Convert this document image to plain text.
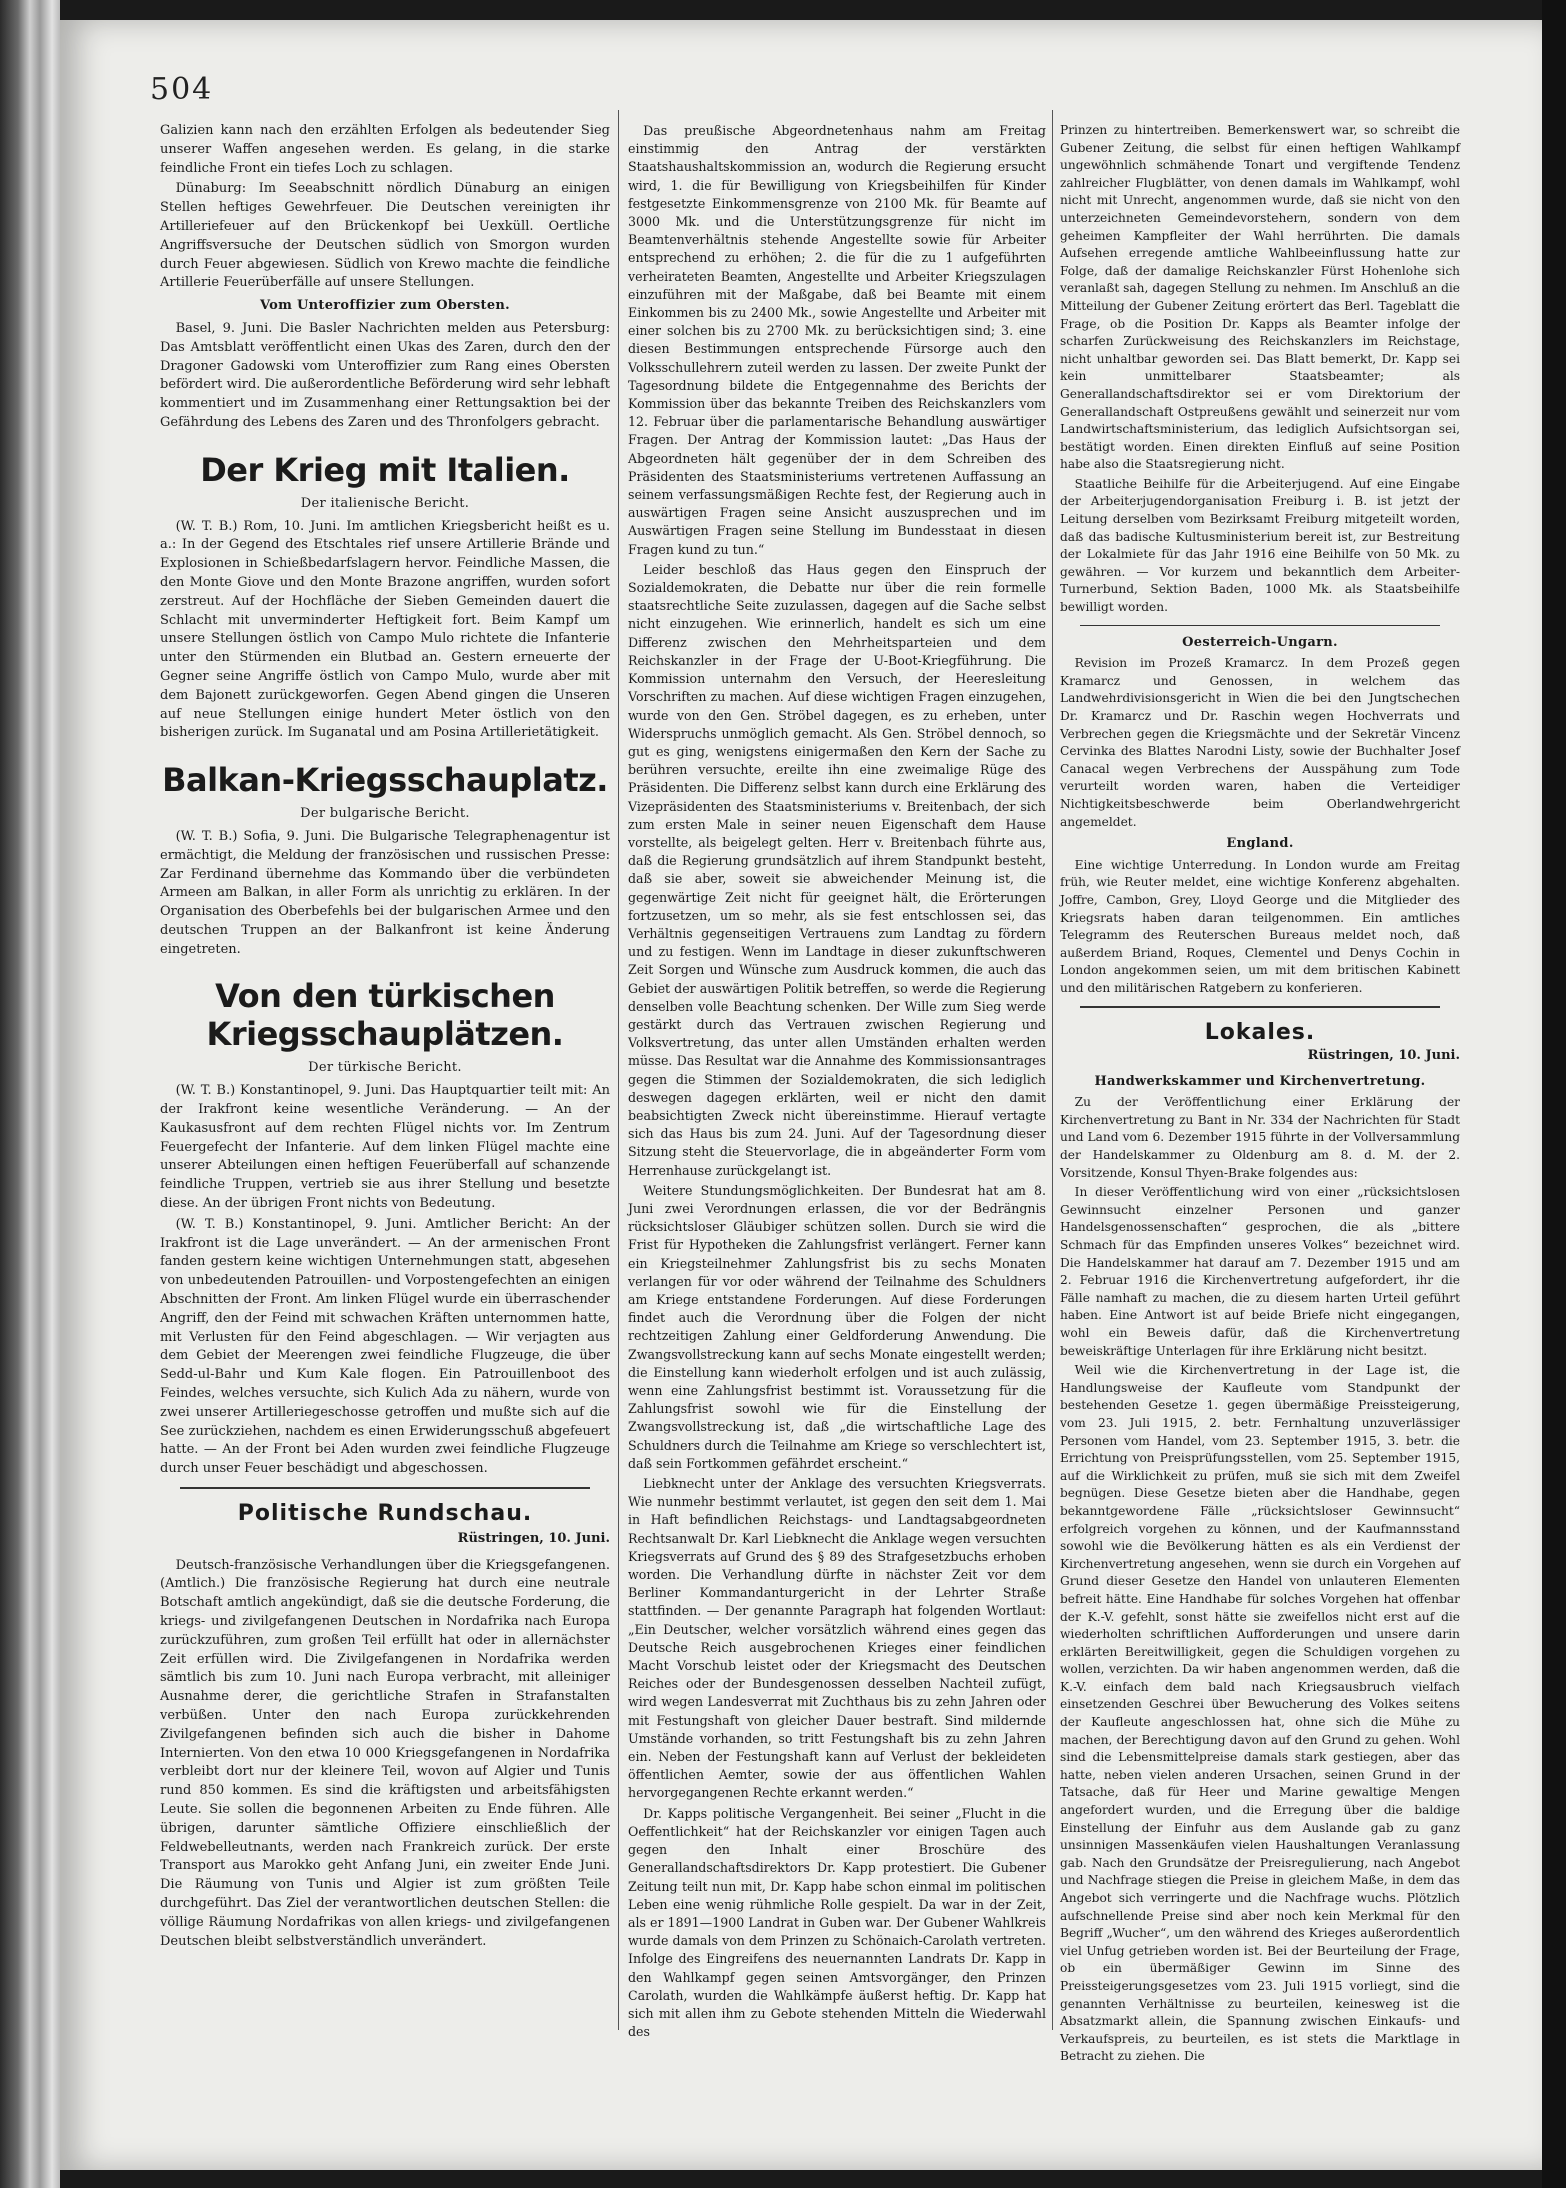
504

Galizien kann nach den erzählten Erfolgen als bedeutender Sieg unserer Waffen angesehen werden. Es gelang, in die starke feindliche Front ein tiefes Loch zu schlagen.

Dünaburg: Im Seeabschnitt nördlich Dünaburg an einigen Stellen heftiges Gewehrfeuer. Die Deutschen vereinigten ihr Artilleriefeuer auf den Brückenkopf bei Uexküll. Oertliche Angriffsversuche der Deutschen südlich von Smorgon wurden durch Feuer abgewiesen. Südlich von Krewo machte die feindliche Artillerie Feuerüberfälle auf unsere Stellungen.

Vom Unteroffizier zum Obersten.

Basel, 9. Juni. Die Basler Nachrichten melden aus Petersburg: Das Amtsblatt veröffentlicht einen Ukas des Zaren, durch den der Dragoner Gadowski vom Unteroffizier zum Rang eines Obersten befördert wird. Die außerordentliche Beförderung wird sehr lebhaft kommentiert und im Zusammenhang einer Rettungsaktion bei der Gefährdung des Lebens des Zaren und des Thronfolgers gebracht.

Der Krieg mit Italien.
Der italienische Bericht.

(W. T. B.) Rom, 10. Juni. Im amtlichen Kriegsbericht heißt es u. a.: In der Gegend des Etschtales rief unsere Artillerie Brände und Explosionen in Schießbedarfslagern hervor. Feindliche Massen, die den Monte Giove und den Monte Brazone angriffen, wurden sofort zerstreut. Auf der Hochfläche der Sieben Gemeinden dauert die Schlacht mit unverminderter Heftigkeit fort. Beim Kampf um unsere Stellungen östlich von Campo Mulo richtete die Infanterie unter den Stürmenden ein Blutbad an. Gestern erneuerte der Gegner seine Angriffe östlich von Campo Mulo, wurde aber mit dem Bajonett zurückgeworfen. Gegen Abend gingen die Unseren auf neue Stellungen einige hundert Meter östlich von den bisherigen zurück. Im Suganatal und am Posina Artillerietätigkeit.

Balkan-Kriegsschauplatz.
Der bulgarische Bericht.

(W. T. B.) Sofia, 9. Juni. Die Bulgarische Telegraphenagentur ist ermächtigt, die Meldung der französischen und russischen Presse: Zar Ferdinand übernehme das Kommando über die verbündeten Armeen am Balkan, in aller Form als unrichtig zu erklären. In der Organisation des Oberbefehls bei der bulgarischen Armee und den deutschen Truppen an der Balkanfront ist keine Änderung eingetreten.

Von den türkischen Kriegsschauplätzen.
Der türkische Bericht.

(W. T. B.) Konstantinopel, 9. Juni. Das Hauptquartier teilt mit: An der Irakfront keine wesentliche Veränderung. — An der Kaukasusfront auf dem rechten Flügel nichts vor. Im Zentrum Feuergefecht der Infanterie. Auf dem linken Flügel machte eine unserer Abteilungen einen heftigen Feuerüberfall auf schanzende feindliche Truppen, vertrieb sie aus ihrer Stellung und besetzte diese. An der übrigen Front nichts von Bedeutung.

(W. T. B.) Konstantinopel, 9. Juni. Amtlicher Bericht: An der Irakfront ist die Lage unverändert. — An der armenischen Front fanden gestern keine wichtigen Unternehmungen statt, abgesehen von unbedeutenden Patrouillen- und Vorpostengefechten an einigen Abschnitten der Front. Am linken Flügel wurde ein überraschender Angriff, den der Feind mit schwachen Kräften unternommen hatte, mit Verlusten für den Feind abgeschlagen. — Wir verjagten aus dem Gebiet der Meerengen zwei feindliche Flugzeuge, die über Sedd-ul-Bahr und Kum Kale flogen. Ein Patrouillenboot des Feindes, welches versuchte, sich Kulich Ada zu nähern, wurde von zwei unserer Artilleriegeschosse getroffen und mußte sich auf die See zurückziehen, nachdem es einen Erwiderungsschuß abgefeuert hatte. — An der Front bei Aden wurden zwei feindliche Flugzeuge durch unser Feuer beschädigt und abgeschossen.

Politische Rundschau.
Rüstringen, 10. Juni.

Deutsch-französische Verhandlungen über die Kriegsgefangenen. (Amtlich.) Die französische Regierung hat durch eine neutrale Botschaft amtlich angekündigt, daß sie die deutsche Forderung, die kriegs- und zivilgefangenen Deutschen in Nordafrika nach Europa zurückzuführen, zum großen Teil erfüllt hat oder in allernächster Zeit erfüllen wird. Die Zivilgefangenen in Nordafrika werden sämtlich bis zum 10. Juni nach Europa verbracht, mit alleiniger Ausnahme derer, die gerichtliche Strafen in Strafanstalten verbüßen. Unter den nach Europa zurückkehrenden Zivilgefangenen befinden sich auch die bisher in Dahome Internierten. Von den etwa 10 000 Kriegsgefangenen in Nordafrika verbleibt dort nur der kleinere Teil, wovon auf Algier und Tunis rund 850 kommen. Es sind die kräftigsten und arbeitsfähigsten Leute. Sie sollen die begonnenen Arbeiten zu Ende führen. Alle übrigen, darunter sämtliche Offiziere einschließlich der Feldwebelleutnants, werden nach Frankreich zurück. Der erste Transport aus Marokko geht Anfang Juni, ein zweiter Ende Juni. Die Räumung von Tunis und Algier ist zum größten Teile durchgeführt. Das Ziel der verantwortlichen deutschen Stellen: die völlige Räumung Nordafrikas von allen kriegs- und zivilgefangenen Deutschen bleibt selbstverständlich unverändert.

Das preußische Abgeordnetenhaus nahm am Freitag einstimmig den Antrag der verstärkten Staatshaushaltskommission an, wodurch die Regierung ersucht wird, 1. die für Bewilligung von Kriegsbeihilfen für Kinder festgesetzte Einkommensgrenze von 2100 Mk. für Beamte auf 3000 Mk. und die Unterstützungsgrenze für nicht im Beamtenverhältnis stehende Angestellte sowie für Arbeiter entsprechend zu erhöhen; 2. die für die zu 1 aufgeführten verheirateten Beamten, Angestellte und Arbeiter Kriegszulagen einzuführen mit der Maßgabe, daß bei Beamte mit einem Einkommen bis zu 2400 Mk., sowie Angestellte und Arbeiter mit einer solchen bis zu 2700 Mk. zu berücksichtigen sind; 3. eine diesen Bestimmungen entsprechende Fürsorge auch den Volksschullehrern zuteil werden zu lassen. Der zweite Punkt der Tagesordnung bildete die Entgegennahme des Berichts der Kommission über das bekannte Treiben des Reichskanzlers vom 12. Februar über die parlamentarische Behandlung auswärtiger Fragen. Der Antrag der Kommission lautet: „Das Haus der Abgeordneten hält gegenüber der in dem Schreiben des Präsidenten des Staatsministeriums vertretenen Auffassung an seinem verfassungsmäßigen Rechte fest, der Regierung auch in auswärtigen Fragen seine Ansicht auszusprechen und im Auswärtigen Fragen seine Stellung im Bundesstaat in diesen Fragen kund zu tun.“

Leider beschloß das Haus gegen den Einspruch der Sozialdemokraten, die Debatte nur über die rein formelle staatsrechtliche Seite zuzulassen, dagegen auf die Sache selbst nicht einzugehen. Wie erinnerlich, handelt es sich um eine Differenz zwischen den Mehrheitsparteien und dem Reichskanzler in der Frage der U-Boot-Kriegführung. Die Kommission unternahm den Versuch, der Heeresleitung Vorschriften zu machen. Auf diese wichtigen Fragen einzugehen, wurde von den Gen. Ströbel dagegen, es zu erheben, unter Widerspruchs unmöglich gemacht. Als Gen. Ströbel dennoch, so gut es ging, wenigstens einigermaßen den Kern der Sache zu berühren versuchte, ereilte ihn eine zweimalige Rüge des Präsidenten. Die Differenz selbst kann durch eine Erklärung des Vizepräsidenten des Staatsministeriums v. Breitenbach, der sich zum ersten Male in seiner neuen Eigenschaft dem Hause vorstellte, als beigelegt gelten. Herr v. Breitenbach führte aus, daß die Regierung grundsätzlich auf ihrem Standpunkt besteht, daß sie aber, soweit sie abweichender Meinung ist, die gegenwärtige Zeit nicht für geeignet hält, die Erörterungen fortzusetzen, um so mehr, als sie fest entschlossen sei, das Verhältnis gegenseitigen Vertrauens zum Landtag zu fördern und zu festigen. Wenn im Landtage in dieser zukunftschweren Zeit Sorgen und Wünsche zum Ausdruck kommen, die auch das Gebiet der auswärtigen Politik betreffen, so werde die Regierung denselben volle Beachtung schenken. Der Wille zum Sieg werde gestärkt durch das Vertrauen zwischen Regierung und Volksvertretung, das unter allen Umständen erhalten werden müsse. Das Resultat war die Annahme des Kommissionsantrages gegen die Stimmen der Sozialdemokraten, die sich lediglich deswegen dagegen erklärten, weil er nicht den damit beabsichtigten Zweck nicht übereinstimme. Hierauf vertagte sich das Haus bis zum 24. Juni. Auf der Tagesordnung dieser Sitzung steht die Steuervorlage, die in abgeänderter Form vom Herrenhause zurückgelangt ist.

Weitere Stundungsmöglichkeiten. Der Bundesrat hat am 8. Juni zwei Verordnungen erlassen, die vor der Bedrängnis rücksichtsloser Gläubiger schützen sollen. Durch sie wird die Frist für Hypotheken die Zahlungsfrist verlängert. Ferner kann ein Kriegsteilnehmer Zahlungsfrist bis zu sechs Monaten verlangen für vor oder während der Teilnahme des Schuldners am Kriege entstandene Forderungen. Auf diese Forderungen findet auch die Verordnung über die Folgen der nicht rechtzeitigen Zahlung einer Geldforderung Anwendung. Die Zwangsvollstreckung kann auf sechs Monate eingestellt werden; die Einstellung kann wiederholt erfolgen und ist auch zulässig, wenn eine Zahlungsfrist bestimmt ist. Voraussetzung für die Zahlungsfrist sowohl wie für die Einstellung der Zwangsvollstreckung ist, daß „die wirtschaftliche Lage des Schuldners durch die Teilnahme am Kriege so verschlechtert ist, daß sein Fortkommen gefährdet erscheint.“

Liebknecht unter der Anklage des versuchten Kriegsverrats. Wie nunmehr bestimmt verlautet, ist gegen den seit dem 1. Mai in Haft befindlichen Reichstags- und Landtagsabgeordneten Rechtsanwalt Dr. Karl Liebknecht die Anklage wegen versuchten Kriegsverrats auf Grund des § 89 des Strafgesetzbuchs erhoben worden. Die Verhandlung dürfte in nächster Zeit vor dem Berliner Kommandanturgericht in der Lehrter Straße stattfinden. — Der genannte Paragraph hat folgenden Wortlaut: „Ein Deutscher, welcher vorsätzlich während eines gegen das Deutsche Reich ausgebrochenen Krieges einer feindlichen Macht Vorschub leistet oder der Kriegsmacht des Deutschen Reiches oder der Bundesgenossen desselben Nachteil zufügt, wird wegen Landesverrat mit Zuchthaus bis zu zehn Jahren oder mit Festungshaft von gleicher Dauer bestraft. Sind mildernde Umstände vorhanden, so tritt Festungshaft bis zu zehn Jahren ein. Neben der Festungshaft kann auf Verlust der bekleideten öffentlichen Aemter, sowie der aus öffentlichen Wahlen hervorgegangenen Rechte erkannt werden.“

Dr. Kapps politische Vergangenheit. Bei seiner „Flucht in die Oeffentlichkeit“ hat der Reichskanzler vor einigen Tagen auch gegen den Inhalt einer Broschüre des Generallandschaftsdirektors Dr. Kapp protestiert. Die Gubener Zeitung teilt nun mit, Dr. Kapp habe schon einmal im politischen Leben eine wenig rühmliche Rolle gespielt. Da war in der Zeit, als er 1891—1900 Landrat in Guben war. Der Gubener Wahlkreis wurde damals von dem Prinzen zu Schönaich-Carolath vertreten. Infolge des Eingreifens des neuernannten Landrats Dr. Kapp in den Wahlkampf gegen seinen Amtsvorgänger, den Prinzen Carolath, wurden die Wahlkämpfe äußerst heftig. Dr. Kapp hat sich mit allen ihm zu Gebote stehenden Mitteln die Wiederwahl des

Prinzen zu hintertreiben. Bemerkenswert war, so schreibt die Gubener Zeitung, die selbst für einen heftigen Wahlkampf ungewöhnlich schmähende Tonart und vergiftende Tendenz zahlreicher Flugblätter, von denen damals im Wahlkampf, wohl nicht mit Unrecht, angenommen wurde, daß sie nicht von den unterzeichneten Gemeindevorstehern, sondern von dem geheimen Kampfleiter der Wahl herrührten. Die damals Aufsehen erregende amtliche Wahlbeeinflussung hatte zur Folge, daß der damalige Reichskanzler Fürst Hohenlohe sich veranlaßt sah, dagegen Stellung zu nehmen. Im Anschluß an die Mitteilung der Gubener Zeitung erörtert das Berl. Tageblatt die Frage, ob die Position Dr. Kapps als Beamter infolge der scharfen Zurückweisung des Reichskanzlers im Reichstage, nicht unhaltbar geworden sei. Das Blatt bemerkt, Dr. Kapp sei kein unmittelbarer Staatsbeamter; als Generallandschaftsdirektor sei er vom Direktorium der Generallandschaft Ostpreußens gewählt und seinerzeit nur vom Landwirtschaftsministerium, das lediglich Aufsichtsorgan sei, bestätigt worden. Einen direkten Einfluß auf seine Position habe also die Staatsregierung nicht.

Staatliche Beihilfe für die Arbeiterjugend. Auf eine Eingabe der Arbeiterjugendorganisation Freiburg i. B. ist jetzt der Leitung derselben vom Bezirksamt Freiburg mitgeteilt worden, daß das badische Kultusministerium bereit ist, zur Bestreitung der Lokalmiete für das Jahr 1916 eine Beihilfe von 50 Mk. zu gewähren. — Vor kurzem und bekanntlich dem Arbeiter-Turnerbund, Sektion Baden, 1000 Mk. als Staatsbeihilfe bewilligt worden.

Oesterreich-Ungarn.

Revision im Prozeß Kramarcz. In dem Prozeß gegen Kramarcz und Genossen, in welchem das Landwehrdivisionsgericht in Wien die bei den Jungtschechen Dr. Kramarcz und Dr. Raschin wegen Hochverrats und Verbrechen gegen die Kriegsmächte und der Sekretär Vincenz Cervinka des Blattes Narodni Listy, sowie der Buchhalter Josef Canacal wegen Verbrechens der Ausspähung zum Tode verurteilt worden waren, haben die Verteidiger Nichtigkeitsbeschwerde beim Oberlandwehrgericht angemeldet.

England.

Eine wichtige Unterredung. In London wurde am Freitag früh, wie Reuter meldet, eine wichtige Konferenz abgehalten. Joffre, Cambon, Grey, Lloyd George und die Mitglieder des Kriegsrats haben daran teilgenommen. Ein amtliches Telegramm des Reuterschen Bureaus meldet noch, daß außerdem Briand, Roques, Clementel und Denys Cochin in London angekommen seien, um mit dem britischen Kabinett und den militärischen Ratgebern zu konferieren.

Lokales.
Rüstringen, 10. Juni.
Handwerkskammer und Kirchenvertretung.

Zu der Veröffentlichung einer Erklärung der Kirchenvertretung zu Bant in Nr. 334 der Nachrichten für Stadt und Land vom 6. Dezember 1915 führte in der Vollversammlung der Handelskammer zu Oldenburg am 8. d. M. der 2. Vorsitzende, Konsul Thyen-Brake folgendes aus:

In dieser Veröffentlichung wird von einer „rücksichtslosen Gewinnsucht einzelner Personen und ganzer Handelsgenossenschaften“ gesprochen, die als „bittere Schmach für das Empfinden unseres Volkes“ bezeichnet wird. Die Handelskammer hat darauf am 7. Dezember 1915 und am 2. Februar 1916 die Kirchenvertretung aufgefordert, ihr die Fälle namhaft zu machen, die zu diesem harten Urteil geführt haben. Eine Antwort ist auf beide Briefe nicht eingegangen, wohl ein Beweis dafür, daß die Kirchenvertretung beweiskräftige Unterlagen für ihre Erklärung nicht besitzt.

Weil wie die Kirchenvertretung in der Lage ist, die Handlungsweise der Kaufleute vom Standpunkt der bestehenden Gesetze 1. gegen übermäßige Preissteigerung, vom 23. Juli 1915, 2. betr. Fernhaltung unzuverlässiger Personen vom Handel, vom 23. September 1915, 3. betr. die Errichtung von Preisprüfungsstellen, vom 25. September 1915, auf die Wirklichkeit zu prüfen, muß sie sich mit dem Zweifel begnügen. Diese Gesetze bieten aber die Handhabe, gegen bekanntgewordene Fälle „rücksichtsloser Gewinnsucht“ erfolgreich vorgehen zu können, und der Kaufmannsstand sowohl wie die Bevölkerung hätten es als ein Verdienst der Kirchenvertretung angesehen, wenn sie durch ein Vorgehen auf Grund dieser Gesetze den Handel von unlauteren Elementen befreit hätte. Eine Handhabe für solches Vorgehen hat offenbar der K.-V. gefehlt, sonst hätte sie zweifellos nicht erst auf die wiederholten schriftlichen Aufforderungen und unsere darin erklärten Bereitwilligkeit, gegen die Schuldigen vorgehen zu wollen, verzichten. Da wir haben angenommen werden, daß die K.-V. einfach dem bald nach Kriegsausbruch vielfach einsetzenden Geschrei über Bewucherung des Volkes seitens der Kaufleute angeschlossen hat, ohne sich die Mühe zu machen, der Berechtigung davon auf den Grund zu gehen. Wohl sind die Lebensmittelpreise damals stark gestiegen, aber das hatte, neben vielen anderen Ursachen, seinen Grund in der Tatsache, daß für Heer und Marine gewaltige Mengen angefordert wurden, und die Erregung über die baldige Einstellung der Einfuhr aus dem Auslande gab zu ganz unsinnigen Massenkäufen vielen Haushaltungen Veranlassung gab. Nach den Grundsätze der Preisregulierung, nach Angebot und Nachfrage stiegen die Preise in gleichem Maße, in dem das Angebot sich verringerte und die Nachfrage wuchs. Plötzlich aufschnellende Preise sind aber noch kein Merkmal für den Begriff „Wucher“, um den während des Krieges außerordentlich viel Unfug getrieben worden ist. Bei der Beurteilung der Frage, ob ein übermäßiger Gewinn im Sinne des Preissteigerungsgesetzes vom 23. Juli 1915 vorliegt, sind die genannten Verhältnisse zu beurteilen, keinesweg ist die Absatzmarkt allein, die Spannung zwischen Einkaufs- und Verkaufspreis, zu beurteilen, es ist stets die Marktlage in Betracht zu ziehen. Die
